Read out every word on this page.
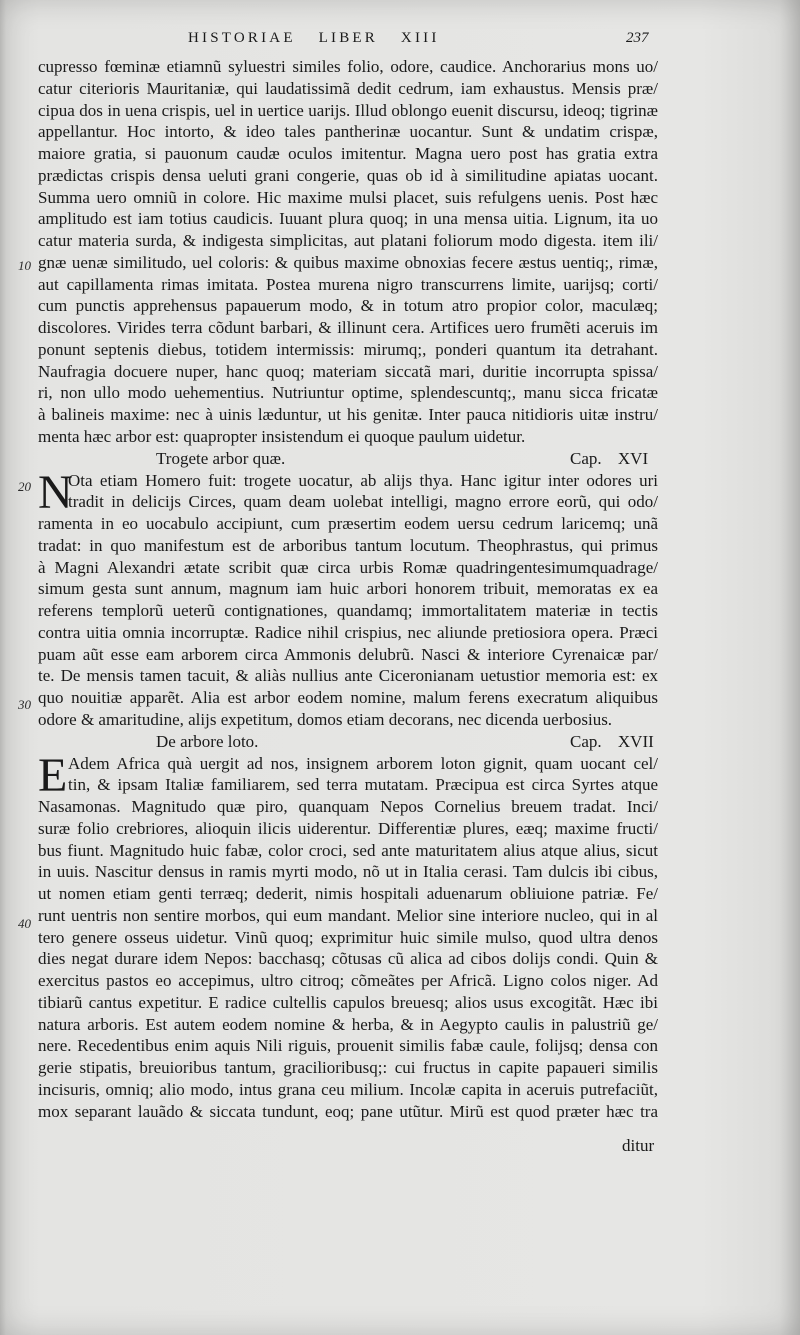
HISTORIAE LIBER XIII	237
10
20
30
40
cupresso fœminæ etiamnũ syluestri similes folio, odore, caudice. Anchorarius mons uo/
catur citerioris Mauritaniæ, qui laudatissimã dedit cedrum, iam exhaustus. Mensis præ/
cipua dos in uena crispis, uel in uertice uarijs. Illud oblongo euenit discursu, ideoq; tigrinæ
appellantur. Hoc intorto, & ideo tales pantherinæ uocantur. Sunt & undatim crispæ,
maiore gratia, si pauonum caudæ oculos imitentur. Magna uero post has gratia extra
prædictas crispis densa ueluti grani congerie, quas ob id à similitudine apiatas uocant.
Summa uero omniũ in colore. Hic maxime mulsi placet, suis refulgens uenis. Post hæc
amplitudo est iam totius caudicis. Iuuant plura quoq; in una mensa uitia. Lignum, ita uo
catur materia surda, & indigesta simplicitas, aut platani foliorum modo digesta. item ili/
gnæ uenæ similitudo, uel coloris: & quibus maxime obnoxias fecere æstus uentiq;, rimæ,
aut capillamenta rimas imitata. Postea murena nigro transcurrens limite, uarijsq; corti/
cum punctis apprehensus papauerum modo, & in totum atro propior color, maculæq;
discolores. Virides terra cõdunt barbari, & illinunt cera. Artifices uero frumẽti aceruis im
ponunt septenis diebus, totidem intermissis: mirumq;, ponderi quantum ita detrahant.
Naufragia docuere nuper, hanc quoq; materiam siccatã mari, duritie incorrupta spissa/
ri, non ullo modo uehementius. Nutriuntur optime, splendescuntq;, manu sicca fricatæ
à balineis maxime: nec à uinis læduntur, ut his genitæ. Inter pauca nitidioris uitæ instru/
menta hæc arbor est: quapropter insistendum ei quoque paulum uidetur.
Trogete arbor quæ.	Cap. XVI
N
Ota etiam Homero fuit: trogete uocatur, ab alijs thya. Hanc igitur inter odores uri
tradit in delicijs Circes, quam deam uolebat intelligi, magno errore eorũ, qui odo/
ramenta in eo uocabulo accipiunt, cum præsertim eodem uersu cedrum laricemq; unã
tradat: in quo manifestum est de arboribus tantum locutum. Theophrastus, qui primus
à Magni Alexandri ætate scribit quæ circa urbis Romæ quadringentesimumquadrage/
simum gesta sunt annum, magnum iam huic arbori honorem tribuit, memoratas ex ea
referens templorũ ueterũ contignationes, quandamq; immortalitatem materiæ in tectis
contra uitia omnia incorruptæ. Radice nihil crispius, nec aliunde pretiosiora opera. Præci
puam aũt esse eam arborem circa Ammonis delubrũ. Nasci & interiore Cyrenaicæ par/
te. De mensis tamen tacuit, & aliàs nullius ante Ciceronianam uetustior memoria est: ex
quo nouitiæ apparẽt. Alia est arbor eodem nomine, malum ferens execratum aliquibus
odore & amaritudine, alijs expetitum, domos etiam decorans, nec dicenda uerbosius.
De arbore loto.	Cap. XVII
E Adem Africa quà uergit ad nos, insignem arborem loton gignit, quam uocant cel/
tin, & ipsam Italiæ familiarem, sed terra mutatam. Præcipua est circa Syrtes atque
Nasamonas. Magnitudo quæ piro, quanquam Nepos Cornelius breuem tradat. Inci/
suræ folio crebriores, alioquin ilicis uiderentur. Differentiæ plures, eæq; maxime fructi/
bus fiunt. Magnitudo huic fabæ, color croci, sed ante maturitatem alius atque alius, sicut
in uuis. Nascitur densus in ramis myrti modo, nõ ut in Italia cerasi. Tam dulcis ibi cibus,
ut nomen etiam genti terræq; dederit, nimis hospitali aduenarum obliuione patriæ. Fe/
runt uentris non sentire morbos, qui eum mandant. Melior sine interiore nucleo, qui in al
tero genere osseus uidetur. Vinũ quoq; exprimitur huic simile mulso, quod ultra denos
dies negat durare idem Nepos: bacchasq; cõtusas cũ alica ad cibos dolijs condi. Quin &
exercitus pastos eo accepimus, ultro citroq; cõmeãtes per Africã. Ligno colos niger. Ad
tibiarũ cantus expetitur. E radice cultellis capulos breuesq; alios usus excogitãt. Hæc ibi
natura arboris. Est autem eodem nomine & herba, & in Aegypto caulis in palustriũ ge/
nere. Recedentibus enim aquis Nili riguis, prouenit similis fabæ caule, folijsq; densa con
gerie stipatis, breuioribus tantum, gracilioribusq;: cui fructus in capite papaueri similis
incisuris, omniq; alio modo, intus grana ceu milium. Incolæ capita in aceruis putrefaciũt,
mox separant lauãdo & siccata tundunt, eoq; pane utũtur. Mirũ est quod præter hæc tra
ditur
